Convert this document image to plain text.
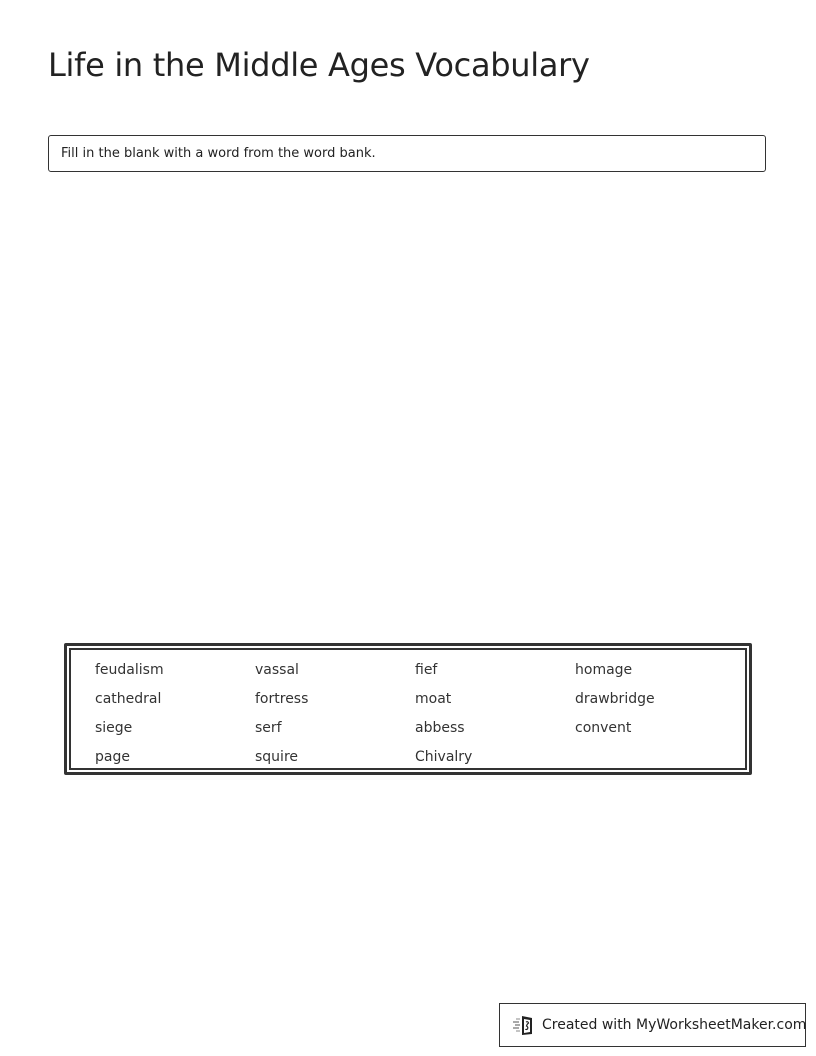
Life in the Middle Ages Vocabulary
Fill in the blank with a word from the word bank.
feudalism	vassal	fief	homage
cathedral	fortress	moat	drawbridge
siege	serf	abbess	convent
page	squire	Chivalry
Created with MyWorksheetMaker.com
